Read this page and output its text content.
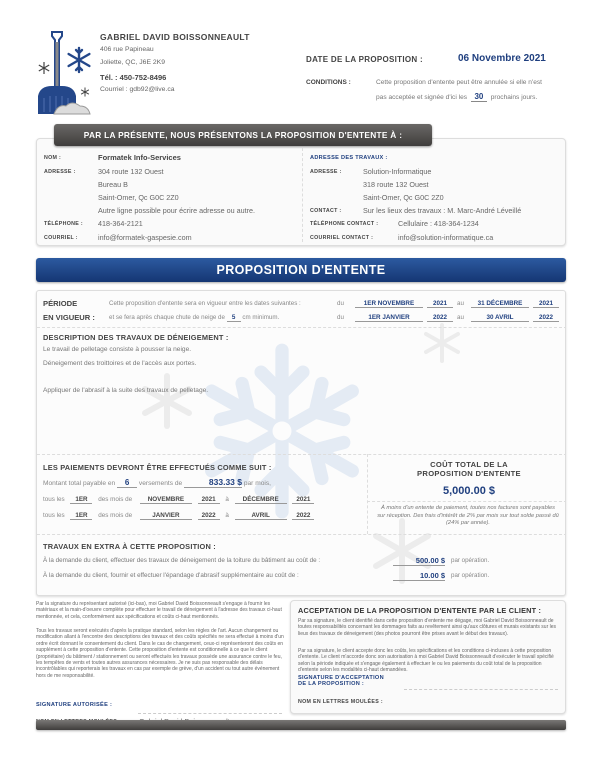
GABRIEL DAVID BOISSONNEAULT
406 rue Papineau
Joliette, QC, J6E 2K9
Tél. : 450-752-8496
Courriel : gdb92@live.ca
DATE DE LA PROPOSITION :	06 Novembre 2021
CONDITIONS :	Cette proposition d'entente peut être annulée si elle n'est
pas acceptée et signée d'ici les 30 prochains jours.
PAR LA PRÉSENTE, NOUS PRÉSENTONS LA PROPOSITION D'ENTENTE À :
NOM :	Formatek Info-Services
ADRESSE :	304 route 132 Ouest
Bureau B
Saint-Omer, Qc G0C 2Z0
Autre ligne possible pour écrire adresse ou autre.
TÉLÉPHONE : 418-364-2121
COURRIEL :	info@formatek-gaspesie.com
ADRESSE DES TRAVAUX :
ADRESSE :	Solution-Informatique
318 route 132 Ouest
Saint-Omer, Qc G0C 2Z0
CONTACT :	Sur les lieux des travaux : M. Marc-André Léveillé
TÉLÉPHONE CONTACT :	Cellulaire : 418-364-1234
COURRIEL CONTACT :	info@solution-informatique.ca
PROPOSITION D'ENTENTE
PÉRIODE
EN VIGUEUR :
Cette proposition d'entente sera en vigueur entre les dates suivantes :
et se fera après chaque chute de neige de 5 cm minimum.
du	1ER NOVEMBRE	2021	au	31 DÉCEMBRE	2021
du	1ER JANVIER	2022	au	30 AVRIL	2022
DESCRIPTION DES TRAVAUX DE DÉNEIGEMENT :
Le travail de pelletage consiste à pousser la neige.
Déneigement des troittoires et de l'accès aux portes.
Appliquer de l'abrasif à la suite des travaux de pelletage.
LES PAIEMENTS DEVRONT ÊTRE EFFECTUÉS COMME SUIT :
Montant total payable en 6 versements de	833.33 $ par mois,
tous les 1ER des mois de NOVEMBRE	2021 à DÉCEMBRE	2021
tous les 1ER des mois de	JANVIER	2022 à	AVRIL	2022
COÛT TOTAL DE LA
PROPOSITION D'ENTENTE
5,000.00 $
À moins d'un entente de paiement, toutes nos factures sont payables sur réception. Des frais d'intérêt de 2% par mois sur tout solde passé dû (24% par année).
TRAVAUX EN EXTRA À CETTE PROPOSITION :
À la demande du client, effectuer des travaux de déneigement de la toiture du bâtiment au coût de :	500.00 $ par opération.
À la demande du client, fournir et effectuer l'épandage d'abrasif supplémentaire au coût de :	10.00 $ par opération.
Par la signature du représentant autorisé (ici-bas), moi Gabriel David Boissonneault s'engage à fournir les matériaux et la main-d'oeuvre complète pour effectuer le travail de déneigement à l'adresse des travaux ci-haut mentionnée, et cela, conformément aux spécifications et coûts ci-haut mentionnés.
Tous les travaux seront exécutés d'après la pratique standard, selon les règles de l'art. Aucun changement ou modification allant à l'encontre des descriptions des travaux et des coûts spécifiés ne sera effectué à moins d'un ordre écrit donnant le consentement du client. Dans le cas de changement, ceux-ci représenteront des coûts en supplément à cette proposition d'entente. Cette proposition d'entente est conditionnelle à ce que le client (propriétaire) du bâtiment / stationnement ou seront effectués les travaux possède une assurance contre le feu, les tempêtes de vents et toutes autres assurances nécessaires. Je ne suis pas responsable des délais incontrôlables qui reporterais les travaux en cas par exemple de grève, d'un accident ou tout autre événement hors de me responsabilité.
SIGNATURE AUTORISÉE :
ACCEPTATION DE LA PROPOSITION D'ENTENTE PAR LE CLIENT :
Par sa signature, le client identifié dans cette proposition d'entente me dégage, moi Gabriel David Boissonneault de toutes responsabilités concernant les dommages faits au revêtement ainsi qu'aux clôtures et murais existants sur les lieux des travaux de déneigement (des photos pourront être prises avant le début des travaux).
Par sa signature, le client accepte donc les coûts, les spécifications et les conditions ci-incluses à cette proposition d'entente. Le client m'accorde donc son autorisation à moi Gabriel David Boissonneault d'exécuter le travail spécifié selon la période indiquée et s'engage également à effectuer le ou les paiements du coût total de la proposition d'entente selon les modalités ci-haut demandées.
SIGNATURE D'ACCEPTATION
DE LA PROPOSITION :
NOM EN LETTRES MOULÉES :
